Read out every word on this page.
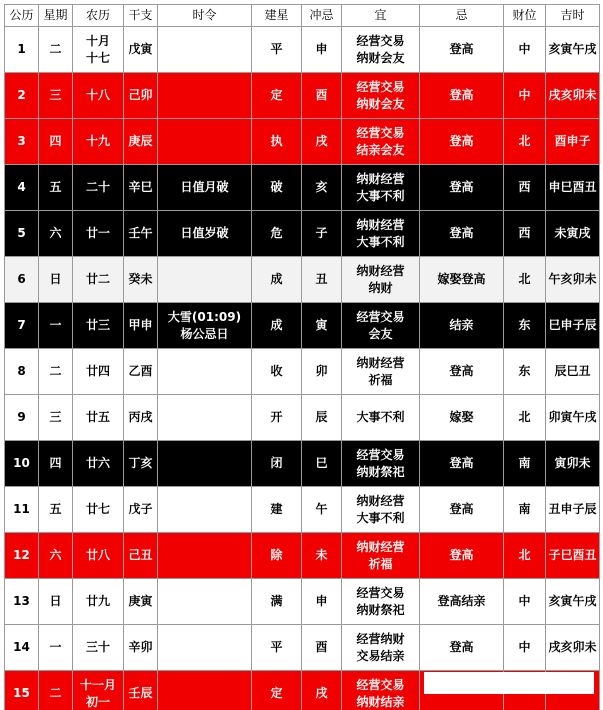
公历	星期	农历	干支	时令	建星	冲忌	宜	忌	财位	吉时
1	二	十月
十七	戊寅		平	申	经营交易
纳财会友	登高	中	亥寅午戌
2	三	十八	己卯		定	酉	经营交易
纳财会友	登高	中	戌亥卯未
3	四	十九	庚辰		执	戌	经营交易
结亲会友	登高	北	酉申子
4	五	二十	辛巳	日值月破	破	亥	纳财经营
大事不利	登高	西	申巳酉丑
5	六	廿一	壬午	日值岁破	危	子	纳财经营
大事不利	登高	西	未寅戌
6	日	廿二	癸未		成	丑	纳财经营
纳财	嫁娶登高	北	午亥卯未
7	一	廿三	甲申	大雪(01:09)
杨公忌日	成	寅	经营交易
会友	结亲	东	巳申子辰
8	二	廿四	乙酉		收	卯	纳财经营
祈福	登高	东	辰巳丑
9	三	廿五	丙戌		开	辰	大事不利	嫁娶	北	卯寅午戌
10	四	廿六	丁亥		闭	巳	经营交易
纳财祭祀	登高	南	寅卯未
11	五	廿七	戊子		建	午	纳财经营
大事不利	登高	南	丑申子辰
12	六	廿八	己丑		除	未	纳财经营
祈福	登高	北	子巳酉丑
13	日	廿九	庚寅		满	申	经营交易
纳财祭祀	登高结亲	中	亥寅午戌
14	一	三十	辛卯		平	酉	经营纳财
交易结亲	登高	中	戌亥卯未
15	二	十一月
初一	壬辰		定	戌	经营交易
纳财结亲			
